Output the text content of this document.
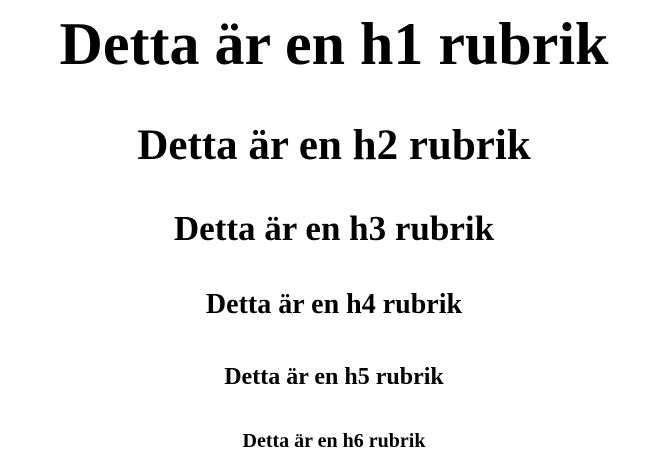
Detta är en h1 rubrik
Detta är en h2 rubrik
Detta är en h3 rubrik
Detta är en h4 rubrik
Detta är en h5 rubrik
Detta är en h6 rubrik
